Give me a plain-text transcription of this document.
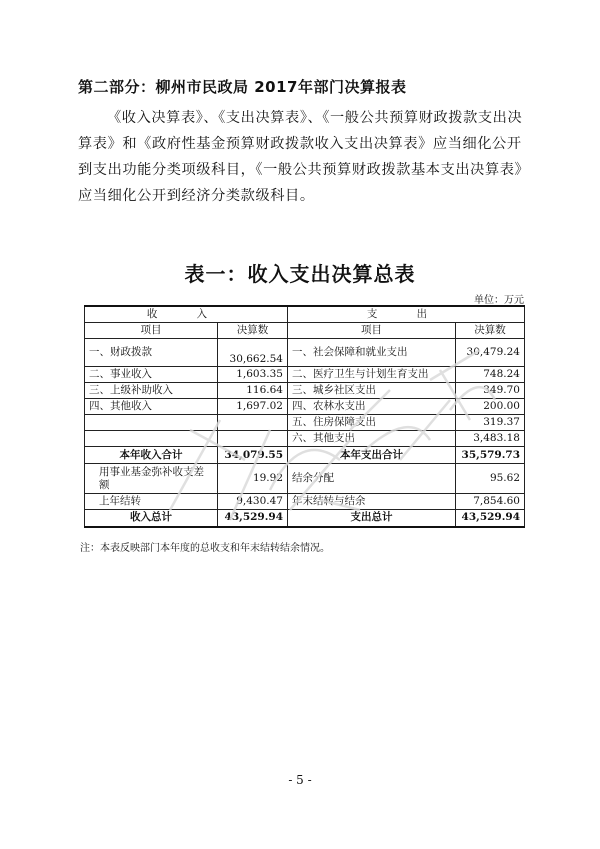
第二部分：柳州市民政局 2017年部门决算报表

《收入决算表》、《支出决算表》、《一般公共预算财政拨款支出决算表》和《政府性基金预算财政拨款收入支出决算表》应当细化公开到支出功能分类项级科目，《一般公共预算财政拨款基本支出决算表》应当细化公开到经济分类款级科目。

表一：收入支出决算总表
单位：万元
收 入		支 出	
项目	决算数	项目	决算数
一、财政拨款	30,662.54	一、社会保障和就业支出	30,479.24
二、事业收入	1,603.35	二、医疗卫生与计划生育支出	748.24
三、上级补助收入	116.64	三、城乡社区支出	349.70
四、其他收入	1,697.02	四、农林水支出	200.00
		五、住房保障支出	319.37
		六、其他支出	3,483.18
本年收入合计	34,079.55	本年支出合计	35,579.73
用事业基金弥补收支差额	19.92	结余分配	95.62
上年结转	9,430.47	年末结转与结余	7,854.60
收入总计	43,529.94	支出总计	43,529.94
注：本表反映部门本年度的总收支和年末结转结余情况。
- 5 -
